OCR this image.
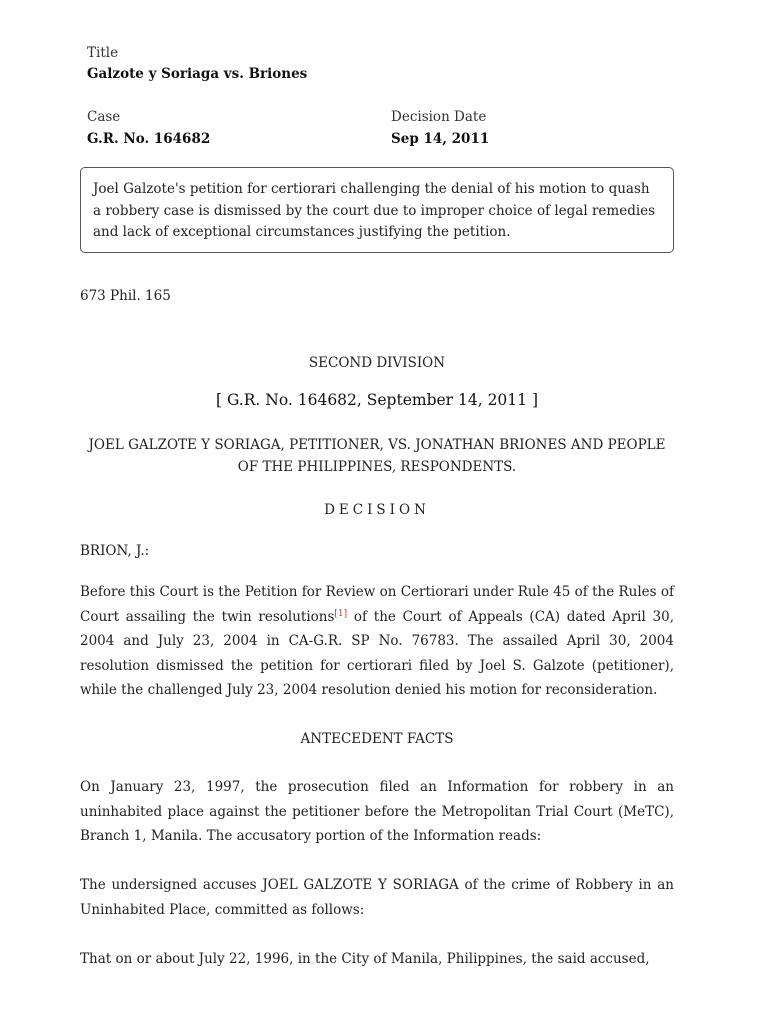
Title
Galzote y Soriaga vs. Briones
Case
G.R. No. 164682
Decision Date
Sep 14, 2011
Joel Galzote's petition for certiorari challenging the denial of his motion to quash a robbery case is dismissed by the court due to improper choice of legal remedies and lack of exceptional circumstances justifying the petition.
673 Phil. 165
SECOND DIVISION
[ G.R. No. 164682, September 14, 2011 ]
JOEL GALZOTE Y SORIAGA, PETITIONER, VS. JONATHAN BRIONES AND PEOPLE OF THE PHILIPPINES, RESPONDENTS.
DECISION
BRION, J.:
Before this Court is the Petition for Review on Certiorari under Rule 45 of the Rules of Court assailing the twin resolutions[1] of the Court of Appeals (CA) dated April 30, 2004 and July 23, 2004 in CA-G.R. SP No. 76783. The assailed April 30, 2004 resolution dismissed the petition for certiorari filed by Joel S. Galzote (petitioner), while the challenged July 23, 2004 resolution denied his motion for reconsideration.
ANTECEDENT FACTS
On January 23, 1997, the prosecution filed an Information for robbery in an uninhabited place against the petitioner before the Metropolitan Trial Court (MeTC), Branch 1, Manila. The accusatory portion of the Information reads:
The undersigned accuses JOEL GALZOTE Y SORIAGA of the crime of Robbery in an Uninhabited Place, committed as follows:
That on or about July 22, 1996, in the City of Manila, Philippines, the said accused,
